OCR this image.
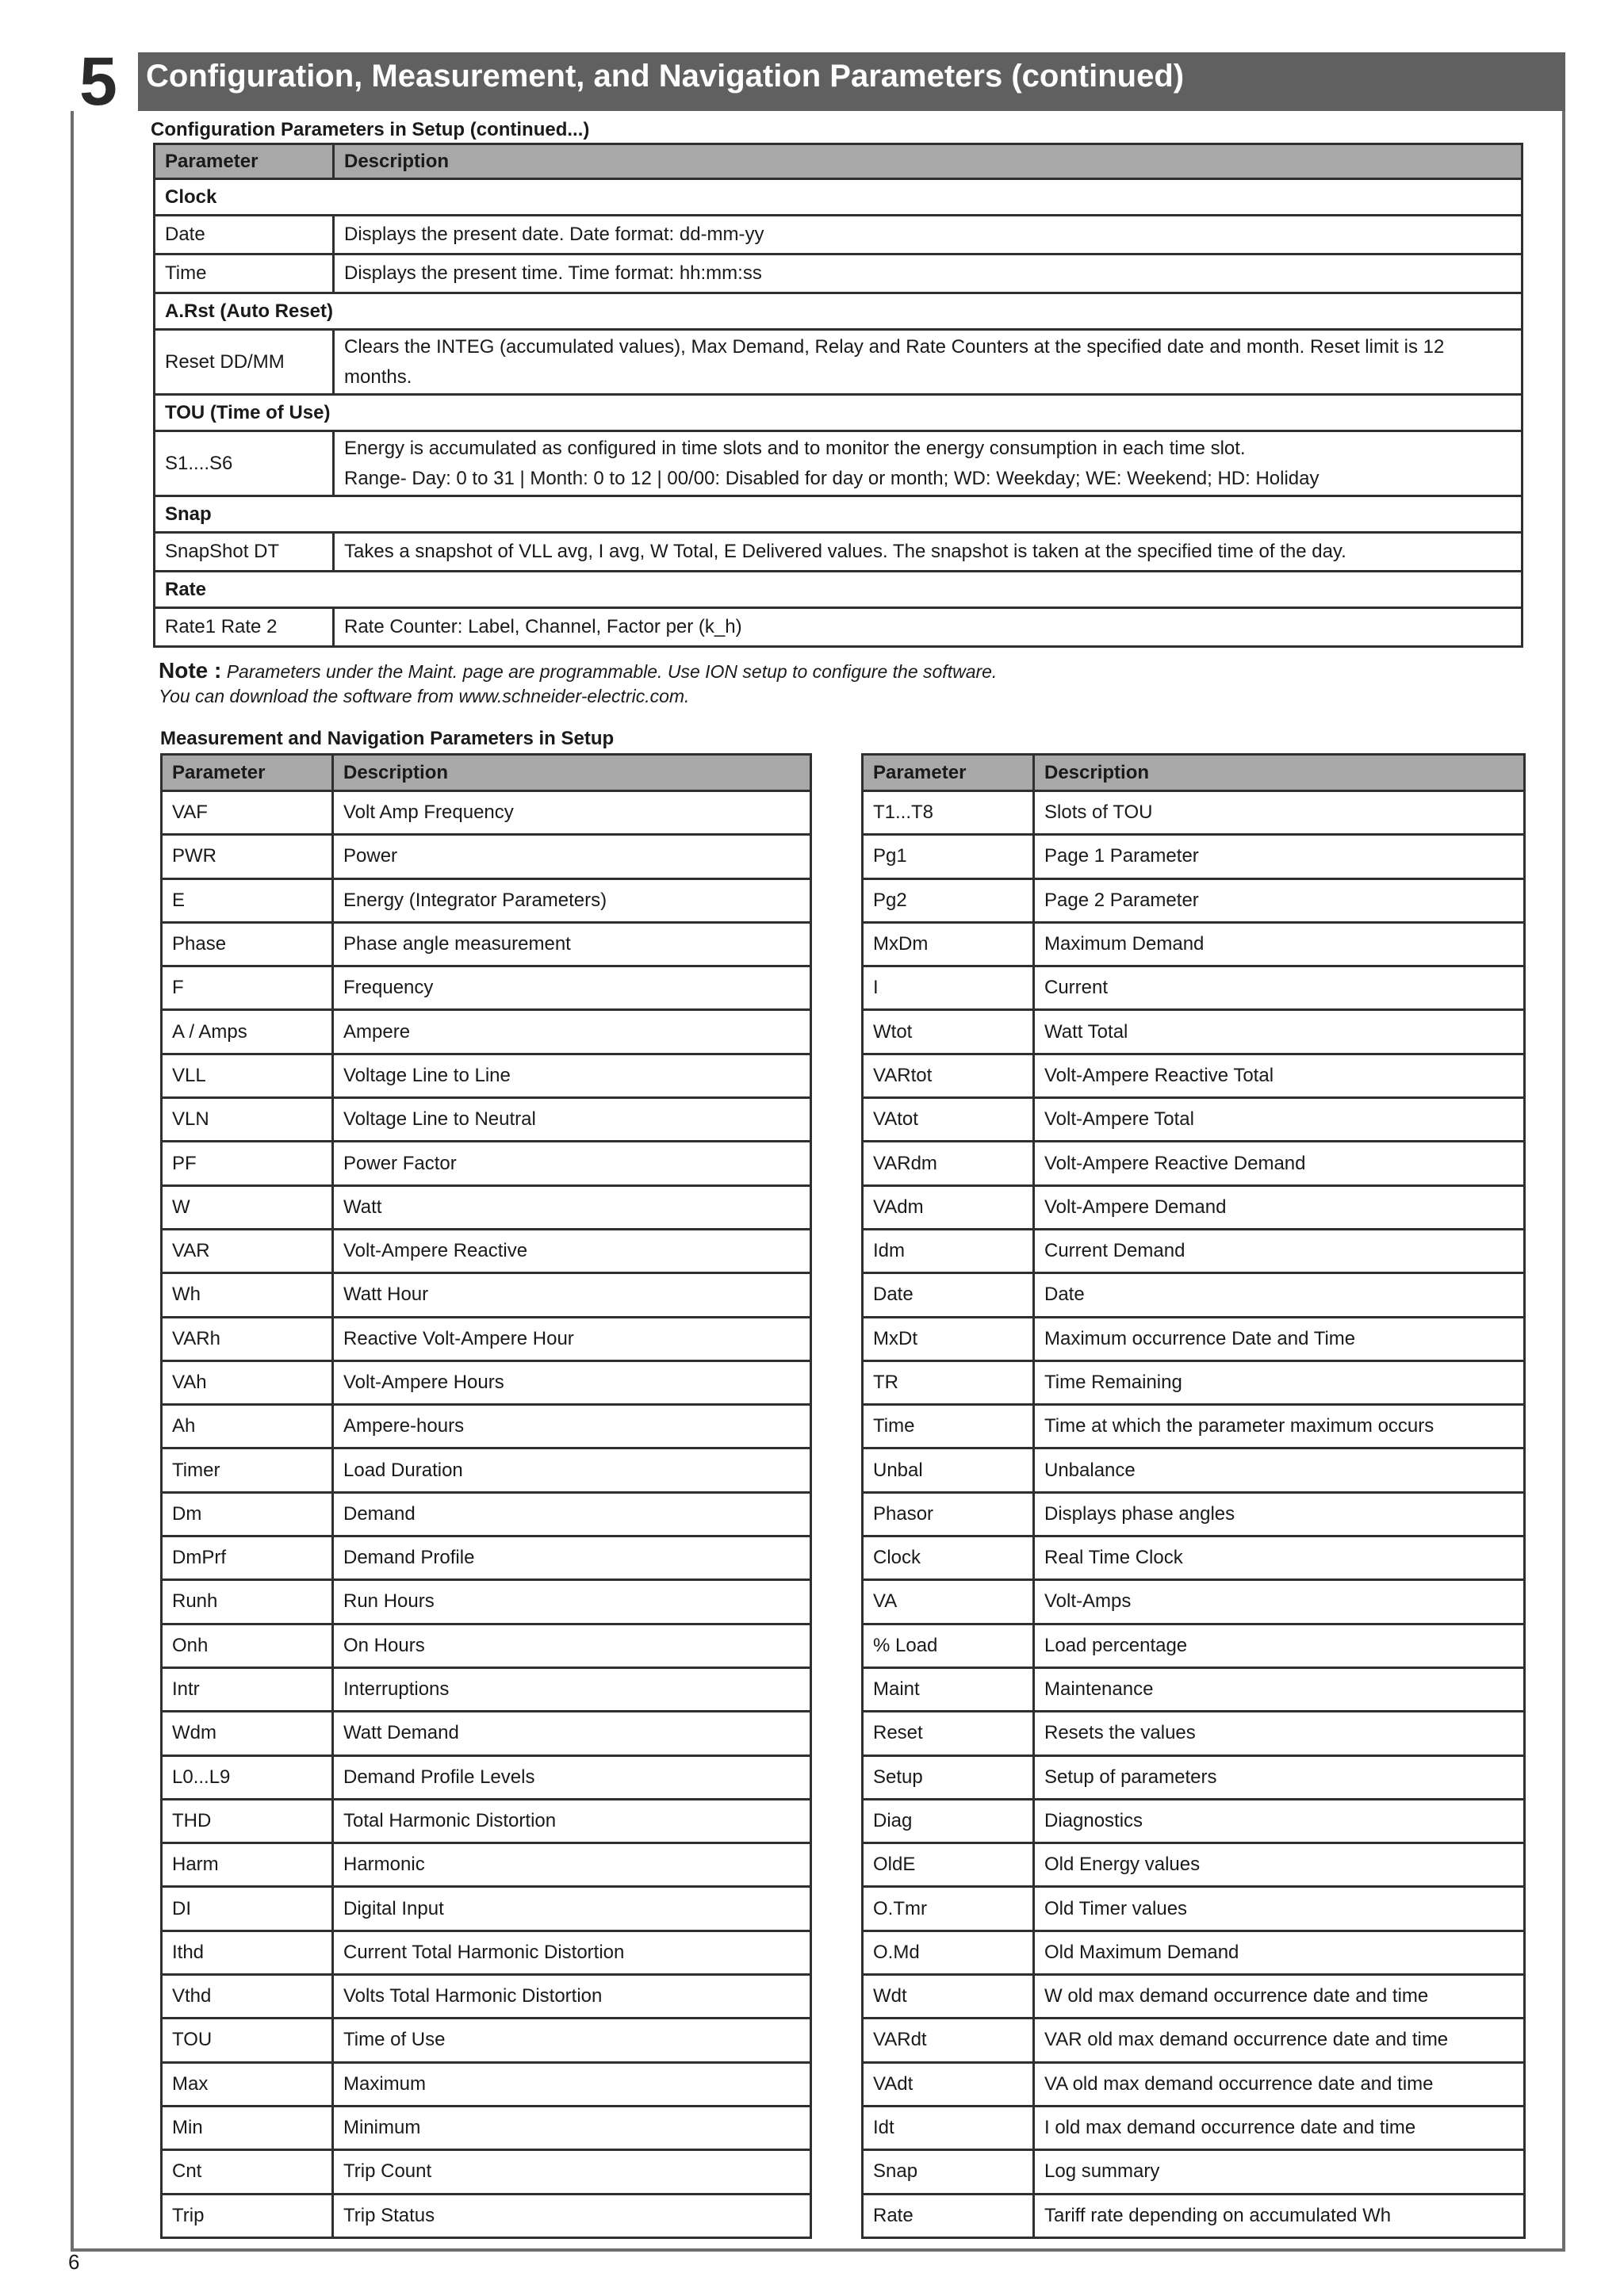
5 Configuration, Measurement, and Navigation Parameters (continued)
Configuration Parameters in Setup (continued...)
Parameter	Description
Clock	
Date	Displays the present date. Date format: dd-mm-yy
Time	Displays the present time. Time format: hh:mm:ss
A.Rst (Auto Reset)	
Reset DD/MM	Clears the INTEG (accumulated values), Max Demand, Relay and Rate Counters at the specified date and month. Reset limit is 12
months.

TOU (Time of Use)	
S1....S6	Energy is accumulated as configured in time slots and to monitor the energy consumption in each time slot.
Range- Day: 0 to 31 | Month: 0 to 12 | 00/00: Disabled for day or month; WD: Weekday; WE: Weekend; HD: Holiday

Snap	
SnapShot DT	Takes a snapshot of VLL avg, I avg, W Total, E Delivered values. The snapshot is taken at the specified time of the day.
Rate	
Rate1 Rate 2	Rate Counter: Label, Channel, Factor per (k_h)
Note : Parameters under the Maint. page are programmable. Use ION setup to configure the software.
You can download the software from www.schneider-electric.com.
Measurement and Navigation Parameters in Setup
Parameter	Description
VAF	Volt Amp Frequency
PWR	Power
E	Energy (Integrator Parameters)
Phase	Phase angle measurement
F	Frequency
A / Amps	Ampere
VLL	Voltage Line to Line
VLN	Voltage Line to Neutral
PF	Power Factor
W	Watt
VAR	Volt-Ampere Reactive
Wh	Watt Hour
VARh	Reactive Volt-Ampere Hour
VAh	Volt-Ampere Hours
Ah	Ampere-hours
Timer	Load Duration
Dm	Demand
DmPrf	Demand Profile
Runh	Run Hours
Onh	On Hours
Intr	Interruptions
Wdm	Watt Demand
L0...L9	Demand Profile Levels
THD	Total Harmonic Distortion
Harm	Harmonic
DI	Digital Input
Ithd	Current Total Harmonic Distortion
Vthd	Volts Total Harmonic Distortion
TOU	Time of Use
Max	Maximum
Min	Minimum
Cnt	Trip Count
Trip	Trip Status
Parameter	Description
T1...T8	Slots of TOU
Pg1	Page 1 Parameter
Pg2	Page 2 Parameter
MxDm	Maximum Demand
I	Current
Wtot	Watt Total
VARtot	Volt-Ampere Reactive Total
VAtot	Volt-Ampere Total
VARdm	Volt-Ampere Reactive Demand
VAdm	Volt-Ampere Demand
Idm	Current Demand
Date	Date
MxDt	Maximum occurrence Date and Time
TR	Time Remaining
Time	Time at which the parameter maximum occurs
Unbal	Unbalance
Phasor	Displays phase angles
Clock	Real Time Clock
VA	Volt-Amps
% Load	Load percentage
Maint	Maintenance
Reset	Resets the values
Setup	Setup of parameters
Diag	Diagnostics
OldE	Old Energy values
O.Tmr	Old Timer values
O.Md	Old Maximum Demand
Wdt	W old max demand occurrence date and time
VARdt	VAR old max demand occurrence date and time
VAdt	VA old max demand occurrence date and time
Idt	I old max demand occurrence date and time
Snap	Log summary
Rate	Tariff rate depending on accumulated Wh
6
